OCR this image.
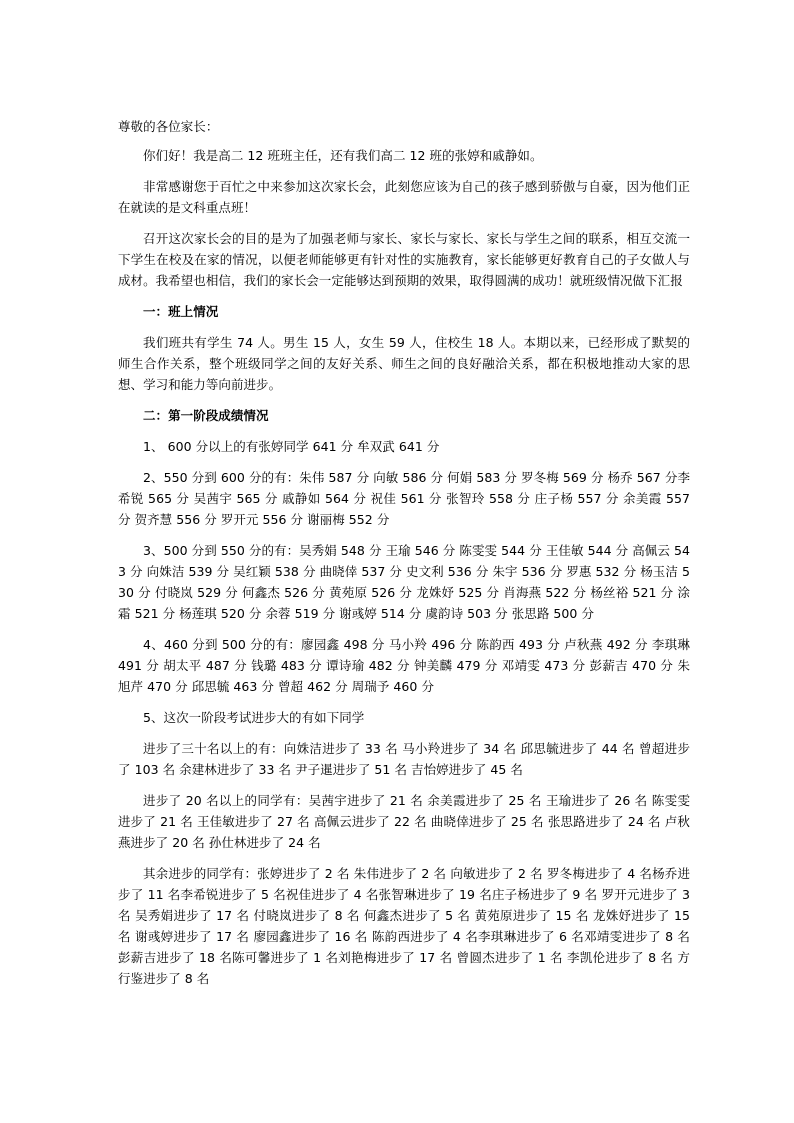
尊敬的各位家长：

你们好！我是高二 12 班班主任，还有我们高二 12 班的张婷和戚静如。

非常感谢您于百忙之中来参加这次家长会，此刻您应该为自己的孩子感到骄傲与自豪，因为他们正在就读的是文科重点班！

召开这次家长会的目的是为了加强老师与家长、家长与家长、家长与学生之间的联系，相互交流一下学生在校及在家的情况，以便老师能够更有针对性的实施教育，家长能够更好教育自己的子女做人与成材。我希望也相信，我们的家长会一定能够达到预期的效果，取得圆满的成功！就班级情况做下汇报

一：班上情况

我们班共有学生 74 人。男生 15 人，女生 59 人，住校生 18 人。本期以来，已经形成了默契的师生合作关系，整个班级同学之间的友好关系、师生之间的良好融洽关系，都在积极地推动大家的思想、学习和能力等向前进步。

二：第一阶段成绩情况

1、 600 分以上的有张婷同学 641 分 牟双武 641 分

2、550 分到 600 分的有：朱伟 587 分 向敏 586 分 何娟 583 分 罗冬梅 569 分 杨乔 567 分李希锐 565 分 吴茜宇 565 分 戚静如 564 分 祝佳 561 分 张智玲 558 分 庄子杨 557 分 余美霞 557 分 贺齐慧 556 分 罗开元 556 分 谢丽梅 552 分

3、500 分到 550 分的有：吴秀娟 548 分 王瑜 546 分 陈雯雯 544 分 王佳敏 544 分 高佩云 543 分 向姝洁 539 分 吴红颖 538 分 曲晓倖 537 分 史文利 536 分 朱宇 536 分 罗惠 532 分 杨玉洁 530 分 付晓岚 529 分 何鑫杰 526 分 黄苑原 526 分 龙姝妤 525 分 肖海燕 522 分 杨丝裕 521 分 涂霜 521 分 杨莲琪 520 分 余蓉 519 分 谢彧婷 514 分 虞韵诗 503 分 张思路 500 分

4、460 分到 500 分的有：廖园鑫 498 分 马小羚 496 分 陈韵西 493 分 卢秋燕 492 分 李琪琳 491 分 胡太平 487 分 钱璐 483 分 谭诗瑜 482 分 钟美麟 479 分 邓靖雯 473 分 彭薪吉 470 分 朱旭芹 470 分 邱思毓 463 分 曾超 462 分 周瑞予 460 分

5、这次一阶段考试进步大的有如下同学

进步了三十名以上的有：向姝洁进步了 33 名 马小羚进步了 34 名 邱思毓进步了 44 名 曾超进步了 103 名 余建林进步了 33 名 尹子暹进步了 51 名 吉怡婷进步了 45 名

进步了 20 名以上的同学有：吴茜宇进步了 21 名 余美霞进步了 25 名 王瑜进步了 26 名 陈雯雯进步了 21 名 王佳敏进步了 27 名 高佩云进步了 22 名 曲晓倖进步了 25 名 张思路进步了 24 名 卢秋燕进步了 20 名 孙仕林进步了 24 名

其余进步的同学有：张婷进步了 2 名 朱伟进步了 2 名 向敏进步了 2 名 罗冬梅进步了 4 名杨乔进步了 11 名李希锐进步了 5 名祝佳进步了 4 名张智琳进步了 19 名庄子杨进步了 9 名 罗开元进步了 3 名 吴秀娟进步了 17 名 付晓岚进步了 8 名 何鑫杰进步了 5 名 黄苑原进步了 15 名 龙姝妤进步了 15 名 谢彧婷进步了 17 名 廖园鑫进步了 16 名 陈韵西进步了 4 名李琪琳进步了 6 名邓靖雯进步了 8 名彭薪吉进步了 18 名陈可馨进步了 1 名刘艳梅进步了 17 名 曾圆杰进步了 1 名 李凯伦进步了 8 名 方行鉴进步了 8 名
